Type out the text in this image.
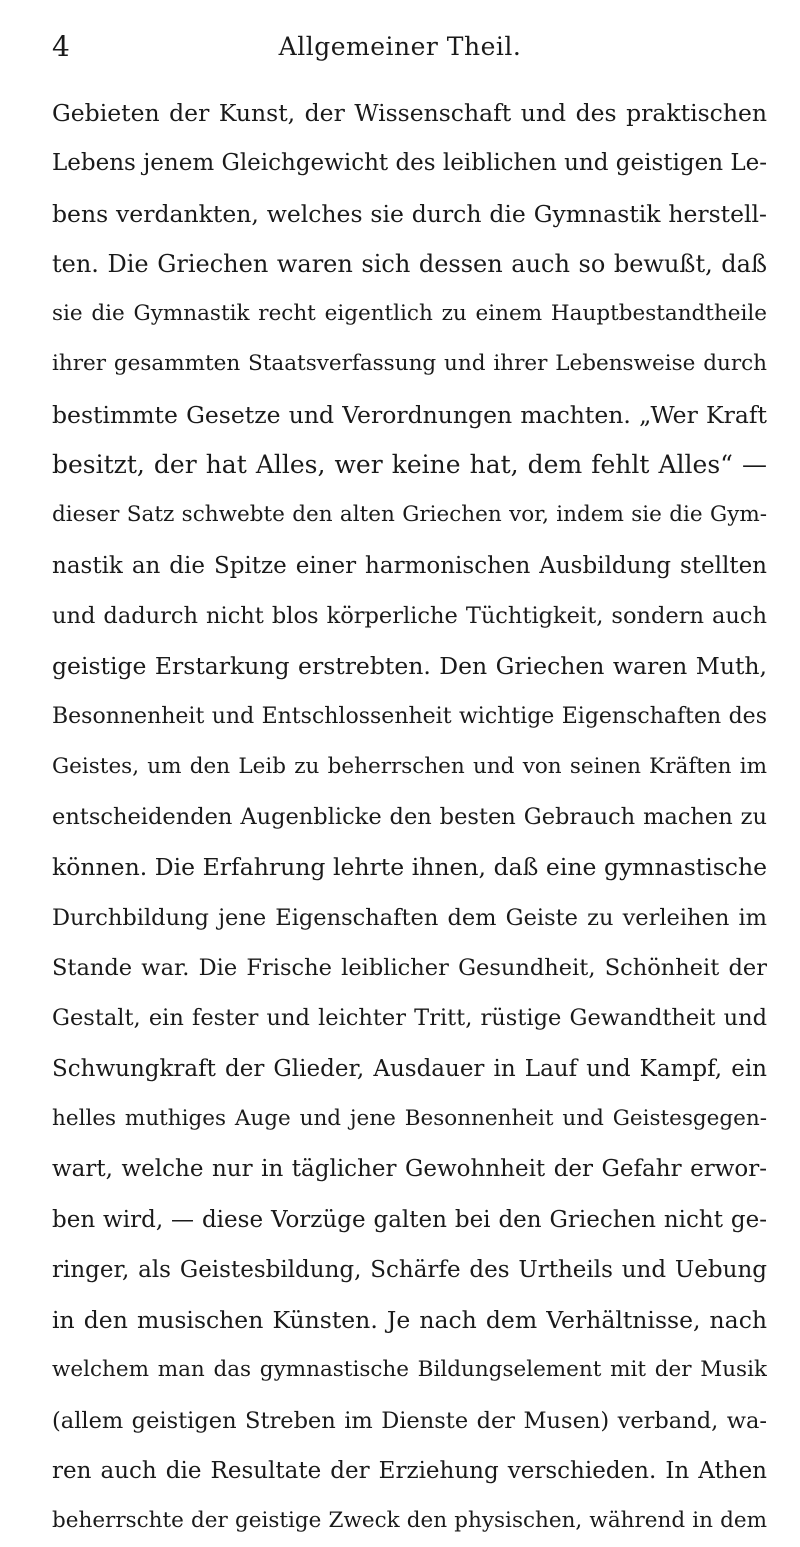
4	Allgemeiner Theil.
Gebieten der Kunst, der Wissenschaft und des praktischen
Lebens jenem Gleichgewicht des leiblichen und geistigen Le-
bens verdankten, welches sie durch die Gymnastik herstell-
ten. Die Griechen waren sich dessen auch so bewußt, daß
sie die Gymnastik recht eigentlich zu einem Hauptbestandtheile
ihrer gesammten Staatsverfassung und ihrer Lebensweise durch
bestimmte Gesetze und Verordnungen machten. „Wer Kraft
besitzt, der hat Alles, wer keine hat, dem fehlt Alles“ —
dieser Satz schwebte den alten Griechen vor, indem sie die Gym-
nastik an die Spitze einer harmonischen Ausbildung stellten
und dadurch nicht blos körperliche Tüchtigkeit, sondern auch
geistige Erstarkung erstrebten. Den Griechen waren Muth,
Besonnenheit und Entschlossenheit wichtige Eigenschaften des
Geistes, um den Leib zu beherrschen und von seinen Kräften im
entscheidenden Augenblicke den besten Gebrauch machen zu
können. Die Erfahrung lehrte ihnen, daß eine gymnastische
Durchbildung jene Eigenschaften dem Geiste zu verleihen im
Stande war. Die Frische leiblicher Gesundheit, Schönheit der
Gestalt, ein fester und leichter Tritt, rüstige Gewandtheit und
Schwungkraft der Glieder, Ausdauer in Lauf und Kampf, ein
helles muthiges Auge und jene Besonnenheit und Geistesgegen-
wart, welche nur in täglicher Gewohnheit der Gefahr erwor-
ben wird, — diese Vorzüge galten bei den Griechen nicht ge-
ringer, als Geistesbildung, Schärfe des Urtheils und Uebung
in den musischen Künsten. Je nach dem Verhältnisse, nach
welchem man das gymnastische Bildungselement mit der Musik
(allem geistigen Streben im Dienste der Musen) verband, wa-
ren auch die Resultate der Erziehung verschieden. In Athen
beherrschte der geistige Zweck den physischen, während in dem
